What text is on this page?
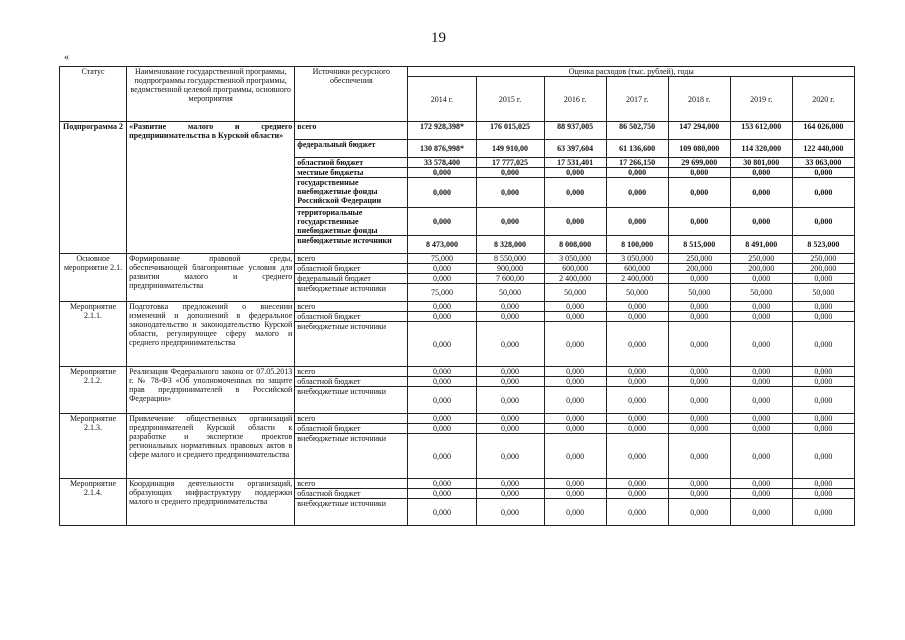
19
«
Статус	Наименование государственной программы, подпрограммы государственной программы, ведомственной целевой программы, основного мероприятия	Источники ресурсного обеспечения	Оценка расходов (тыс. рублей), годы						
			2014 г.	2015 г.	2016 г.	2017 г.	2018 г.	2019 г.	2020 г.
Подпрограмма 2	«Развитие малого и среднего предпринимательства в Курской области»	всего	172 928,398*	176 015,025	88 937,005	86 502,750	147 294,000	153 612,000	164 026,000
		федеральный бюджет	130 876,998*	149 910,00	63 397,604	61 136,600	109 080,000	114 320,000	122 440,000
		областной бюджет	33 578,400	17 777,025	17 531,401	17 266,150	29 699,000	30 801,000	33 063,000
		местные бюджеты	0,000	0,000	0,000	0,000	0,000	0,000	0,000
		государственные внебюджетные фонды Российской Федерации	0,000	0,000	0,000	0,000	0,000	0,000	0,000
		территориальные государственные внебюджетные фонды	0,000	0,000	0,000	0,000	0,000	0,000	0,000
		внебюджетные источники	8 473,000	8 328,000	8 008,000	8 100,000	8 515,000	8 491,000	8 523,000
Основное мероприятие 2.1.	Формирование правовой среды, обеспечивающей благоприятные условия для развития малого и среднего предпринимательства	всего	75,000	8 550,000	3 050,000	3 050,000	250,000	250,000	250,000
		областной бюджет	0,000	900,000	600,000	600,000	200,000	200,000	200,000
		федеральный бюджет	0,000	7 600,00	2 400,000	2 400,000	0,000	0,000	0,000
		внебюджетные источники	75,000	50,000	50,000	50,000	50,000	50,000	50,000
Мероприятие 2.1.1.	Подготовка предложений о внесении изменений и дополнений в федеральное законодательство и законодательство Курской области, регулирующее сферу малого и среднего предпринимательства	всего	0,000	0,000	0,000	0,000	0,000	0,000	0,000
		областной бюджет	0,000	0,000	0,000	0,000	0,000	0,000	0,000
		внебюджетные источники	0,000	0,000	0,000	0,000	0,000	0,000	0,000
Мероприятие 2.1.2.	Реализация Федерального закона от 07.05.2013 г. № 78-ФЗ «Об уполномоченных по защите прав предпринимателей в Российской Федерации»	всего	0,000	0,000	0,000	0,000	0,000	0,000	0,000
		областной бюджет	0,000	0,000	0,000	0,000	0,000	0,000	0,000
		внебюджетные источники	0,000	0,000	0,000	0,000	0,000	0,000	0,000
Мероприятие 2.1.3.	Привлечение общественных организаций предпринимателей Курской области к разработке и экспертизе проектов региональных нормативных правовых актов в сфере малого и среднего предпринимательства	всего	0,000	0,000	0,000	0,000	0,000	0,000	0,000
		областной бюджет	0,000	0,000	0,000	0,000	0,000	0,000	0,000
		внебюджетные источники	0,000	0,000	0,000	0,000	0,000	0,000	0,000
Мероприятие 2.1.4.	Координация деятельности организаций, образующих инфраструктуру поддержки малого и среднего предпринимательства	всего	0,000	0,000	0,000	0,000	0,000	0,000	0,000
		областной бюджет	0,000	0,000	0,000	0,000	0,000	0,000	0,000
		внебюджетные источники	0,000	0,000	0,000	0,000	0,000	0,000	0,000
